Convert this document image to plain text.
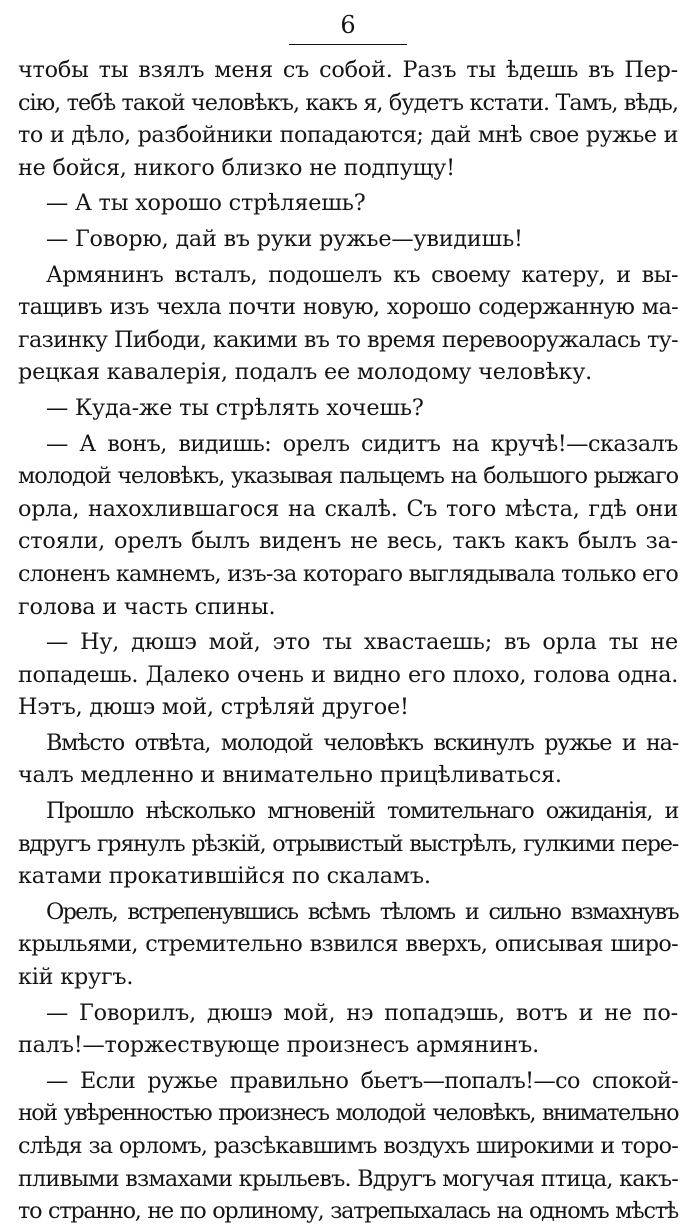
6

чтобы ты взялъ меня съ собой. Разъ ты ѣдешь въ Пер-
сію, тебѣ такой человѣкъ, какъ я, будетъ кстати. Тамъ, вѣдь,
то и дѣло, разбойники попадаются; дай мнѣ свое ружье и
не бойся, никого близко не подпущу!

— А ты хорошо стрѣляешь?

— Говорю, дай въ руки ружье—увидишь!

Армянинъ всталъ, подошелъ къ своему катеру, и вы-
тащивъ изъ чехла почти новую, хорошо содержанную ма-
газинку Пибоди, какими въ то время перевооружалась ту-
рецкая кавалерія, подалъ ее молодому человѣку.

— Куда-же ты стрѣлять хочешь?

— А вонъ, видишь: орелъ сидитъ на кручѣ!—сказалъ
молодой человѣкъ, указывая пальцемъ на большого рыжаго
орла, нахохлившагося на скалѣ. Съ того мѣста, гдѣ они
стояли, орелъ былъ виденъ не весь, такъ какъ былъ за-
слоненъ камнемъ, изъ-за котораго выглядывала только его
голова и часть спины.

— Ну, дюшэ мой, это ты хвастаешь; въ орла ты не
попадешь. Далеко очень и видно его плохо, голова одна.
Нэтъ, дюшэ мой, стрѣляй другое!

Вмѣсто отвѣта, молодой человѣкъ вскинулъ ружье и на-
чалъ медленно и внимательно прицѣливаться.

Прошло нѣсколько мгновеній томительнаго ожиданія, и
вдругъ грянулъ рѣзкій, отрывистый выстрѣлъ, гулкими пере-
катами прокатившійся по скаламъ.

Орелъ, встрепенувшись всѣмъ тѣломъ и сильно взмахнувъ
крыльями, стремительно взвился вверхъ, описывая широ-
кій кругъ.

— Говорилъ, дюшэ мой, нэ попадэшь, вотъ и не по-
палъ!—торжествующе произнесъ армянинъ.

— Если ружье правильно бьетъ—попалъ!—со спокой-
ной увѣренностью произнесъ молодой человѣкъ, внимательно
слѣдя за орломъ, разсѣкавшимъ воздухъ широкими и торо-
пливыми взмахами крыльевъ. Вдругъ могучая птица, какъ-
то странно, не по орлиному, затрепыхалась на одномъ мѣстѣ
